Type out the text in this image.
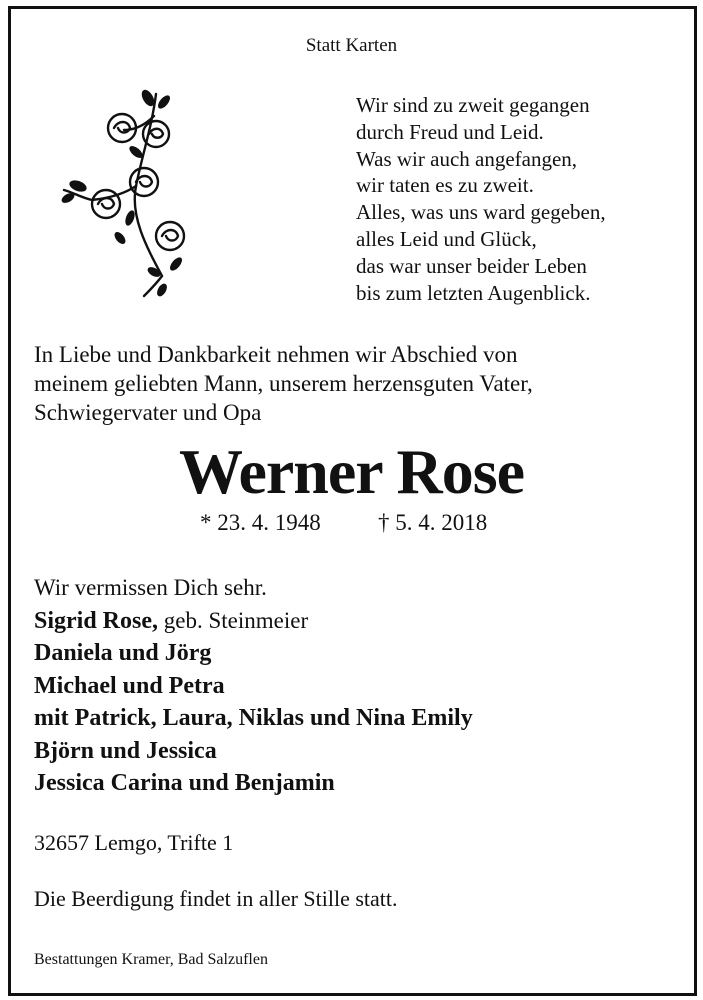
Statt Karten
Wir sind zu zweit gegangen
durch Freud und Leid.
Was wir auch angefangen,
wir taten es zu zweit.
Alles, was uns ward gegeben,
alles Leid und Glück,
das war unser beider Leben
bis zum letzten Augenblick.
In Liebe und Dankbarkeit nehmen wir Abschied von
meinem geliebten Mann, unserem herzensguten Vater,
Schwiegervater und Opa
Werner Rose
* 23. 4. 1948 † 5. 4. 2018
Wir vermissen Dich sehr.
Sigrid Rose, geb. Steinmeier
Daniela und Jörg
Michael und Petra
mit Patrick, Laura, Niklas und Nina Emily
Björn und Jessica
Jessica Carina und Benjamin
32657 Lemgo, Trifte 1
Die Beerdigung findet in aller Stille statt.
Bestattungen Kramer, Bad Salzuflen
